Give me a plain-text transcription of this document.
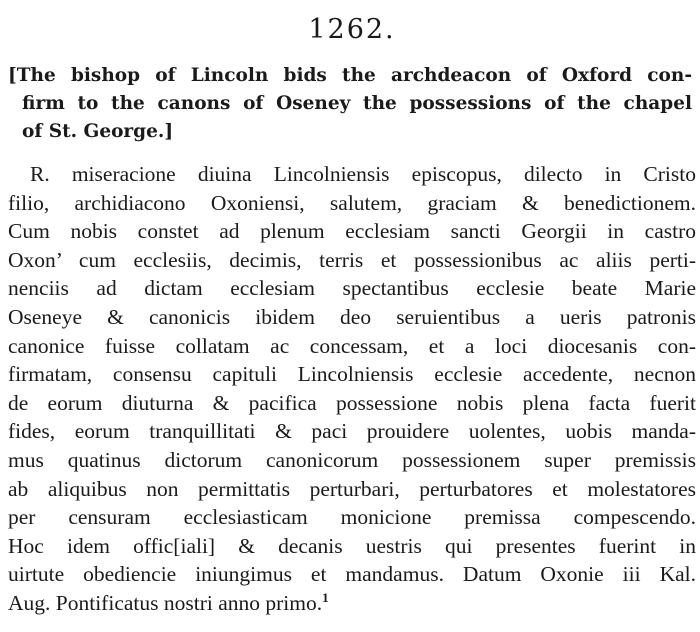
1262.
[The bishop of Lincoln bids the archdeacon of Oxford con-
firm to the canons of Oseney the possessions of the chapel
of St. George.]
R. miseracione diuina Lincolniensis episcopus, dilecto in Cristo
filio, archidiacono Oxoniensi, salutem, graciam & benedictionem.
Cum nobis constet ad plenum ecclesiam sancti Georgii in castro
Oxon’ cum ecclesiis, decimis, terris et possessionibus ac aliis perti-
nenciis ad dictam ecclesiam spectantibus ecclesie beate Marie
Oseneye & canonicis ibidem deo seruientibus a ueris patronis
canonice fuisse collatam ac concessam, et a loci diocesanis con-
firmatam, consensu capituli Lincolniensis ecclesie accedente, necnon
de eorum diuturna & pacifica possessione nobis plena facta fuerit
fides, eorum tranquillitati & paci prouidere uolentes, uobis manda-
mus quatinus dictorum canonicorum possessionem super premissis
ab aliquibus non permittatis perturbari, perturbatores et molestatores
per censuram ecclesiasticam monicione premissa compescendo.
Hoc idem offic[iali] & decanis uestris qui presentes fuerint in
uirtute obediencie iniungimus et mandamus. Datum Oxonie iii Kal.
Aug. Pontificatus nostri anno primo.$^1$
